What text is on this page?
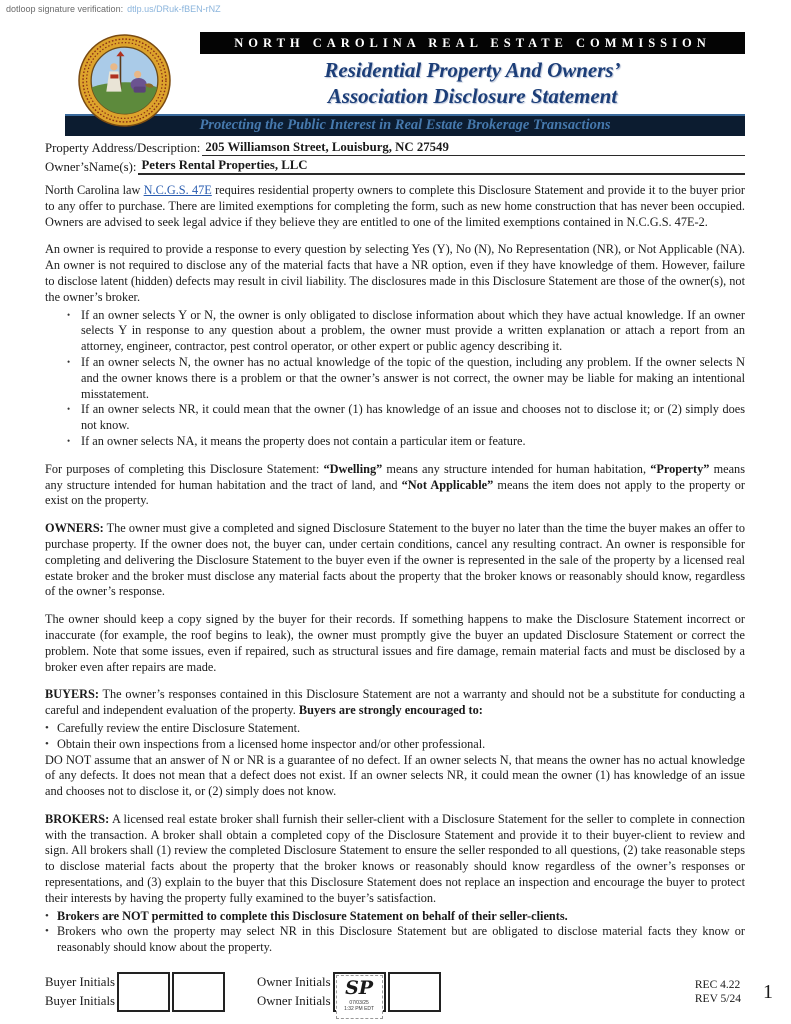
dotloop signature verification: dtlp.us/DRuk-fBEN-rNZ
NORTH CAROLINA REAL ESTATE COMMISSION
Residential Property And Owners’
Association Disclosure Statement
Protecting the Public Interest in Real Estate Brokerage Transactions
Property Address/Description: 205 Williamson Street, Louisburg, NC 27549
Owner’sName(s): Peters Rental Properties, LLC
North Carolina law N.C.G.S. 47E requires residential property owners to complete this Disclosure Statement and provide it to the buyer prior to any offer to purchase. There are limited exemptions for completing the form, such as new home construction that has never been occupied. Owners are advised to seek legal advice if they believe they are entitled to one of the limited exemptions contained in N.C.G.S. 47E-2.
An owner is required to provide a response to every question by selecting Yes (Y), No (N), No Representation (NR), or Not Applicable (NA). An owner is not required to disclose any of the material facts that have a NR option, even if they have knowledge of them. However, failure to disclose latent (hidden) defects may result in civil liability. The disclosures made in this Disclosure Statement are those of the owner(s), not the owner’s broker.
• If an owner selects Y or N, the owner is only obligated to disclose information about which they have actual knowledge. If an owner selects Y in response to any question about a problem, the owner must provide a written explanation or attach a report from an attorney, engineer, contractor, pest control operator, or other expert or public agency describing it.
• If an owner selects N, the owner has no actual knowledge of the topic of the question, including any problem. If the owner selects N and the owner knows there is a problem or that the owner’s answer is not correct, the owner may be liable for making an intentional misstatement.
• If an owner selects NR, it could mean that the owner (1) has knowledge of an issue and chooses not to disclose it; or (2) simply does not know.
• If an owner selects NA, it means the property does not contain a particular item or feature.
For purposes of completing this Disclosure Statement: “Dwelling” means any structure intended for human habitation, “Property” means any structure intended for human habitation and the tract of land, and “Not Applicable” means the item does not apply to the property or exist on the property.
OWNERS: The owner must give a completed and signed Disclosure Statement to the buyer no later than the time the buyer makes an offer to purchase property. If the owner does not, the buyer can, under certain conditions, cancel any resulting contract. An owner is responsible for completing and delivering the Disclosure Statement to the buyer even if the owner is represented in the sale of the property by a licensed real estate broker and the broker must disclose any material facts about the property that the broker knows or reasonably should know, regardless of the owner’s response.
The owner should keep a copy signed by the buyer for their records. If something happens to make the Disclosure Statement incorrect or inaccurate (for example, the roof begins to leak), the owner must promptly give the buyer an updated Disclosure Statement or correct the problem. Note that some issues, even if repaired, such as structural issues and fire damage, remain material facts and must be disclosed by a broker even after repairs are made.
BUYERS: The owner’s responses contained in this Disclosure Statement are not a warranty and should not be a substitute for conducting a careful and independent evaluation of the property. Buyers are strongly encouraged to:
• Carefully review the entire Disclosure Statement.
• Obtain their own inspections from a licensed home inspector and/or other professional.
DO NOT assume that an answer of N or NR is a guarantee of no defect. If an owner selects N, that means the owner has no actual knowledge of any defects. It does not mean that a defect does not exist. If an owner selects NR, it could mean the owner (1) has knowledge of an issue and chooses not to disclose it, or (2) simply does not know.
BROKERS: A licensed real estate broker shall furnish their seller-client with a Disclosure Statement for the seller to complete in connection with the transaction. A broker shall obtain a completed copy of the Disclosure Statement and provide it to their buyer-client to review and sign. All brokers shall (1) review the completed Disclosure Statement to ensure the seller responded to all questions, (2) take reasonable steps to disclose material facts about the property that the broker knows or reasonably should know regardless of the owner’s responses or representations, and (3) explain to the buyer that this Disclosure Statement does not replace an inspection and encourage the buyer to protect their interests by having the property fully examined to the buyer’s satisfaction.
• Brokers are NOT permitted to complete this Disclosure Statement on behalf of their seller-clients.
• Brokers who own the property may select NR in this Disclosure Statement but are obligated to disclose material facts they know or reasonably should know about the property.
Buyer Initials
Buyer Initials
Owner Initials
Owner Initials
SP
07/03/25
1:32 PM EDT
REC 4.22
REV 5/24 1
